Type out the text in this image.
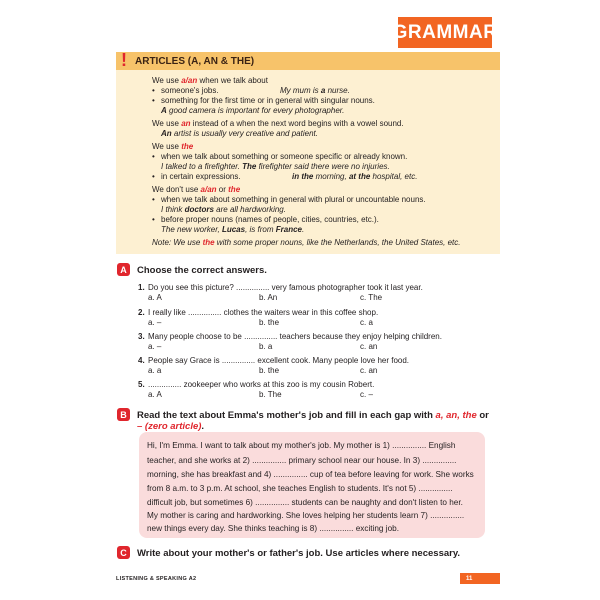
GRAMMAR
! ARTICLES (A, AN & THE)
We use a/an when we talk about
• someone's jobs.	My mum is a nurse.
• something for the first time or in general with singular nouns.
A good camera is important for every photographer.
We use an instead of a when the next word begins with a vowel sound.
An artist is usually very creative and patient.
We use the
• when we talk about something or someone specific or already known.
I talked to a firefighter. The firefighter said there were no injuries.
• in certain expressions.	in the morning, at the hospital, etc.
We don't use a/an or the
• when we talk about something in general with plural or uncountable nouns.
I think doctors are all hardworking.
• before proper nouns (names of people, cities, countries, etc.).
The new worker, Lucas, is from France.
Note: We use the with some proper nouns, like the Netherlands, the United States, etc.
A	Choose the correct answers.
1. Do you see this picture? ............... very famous photographer took it last year.
a. A	b. An	c. The
2. I really like ............... clothes the waiters wear in this coffee shop.
a. –	b. the	c. a
3. Many people choose to be ............... teachers because they enjoy helping children.
a. –	b. a	c. an
4. People say Grace is ............... excellent cook. Many people love her food.
a. a	b. the	c. an
5. ............... zookeeper who works at this zoo is my cousin Robert.
a. A	b. The	c. –
B	Read the text about Emma's mother's job and fill in each gap with a, an, the or
– (zero article).
Hi, I'm Emma. I want to talk about my mother's job. My mother is 1) ............... English
teacher, and she works at 2) ............... primary school near our house. In 3) ...............
morning, she has breakfast and 4) ............... cup of tea before leaving for work. She works
from 8 a.m. to 3 p.m. At school, she teaches English to students. It's not 5) ...............
difficult job, but sometimes 6) ............... students can be naughty and don't listen to her.
My mother is caring and hardworking. She loves helping her students learn 7) ...............
new things every day. She thinks teaching is 8) ............... exciting job.
C	Write about your mother's or father's job. Use articles where necessary.
LISTENING & SPEAKING A2	11
